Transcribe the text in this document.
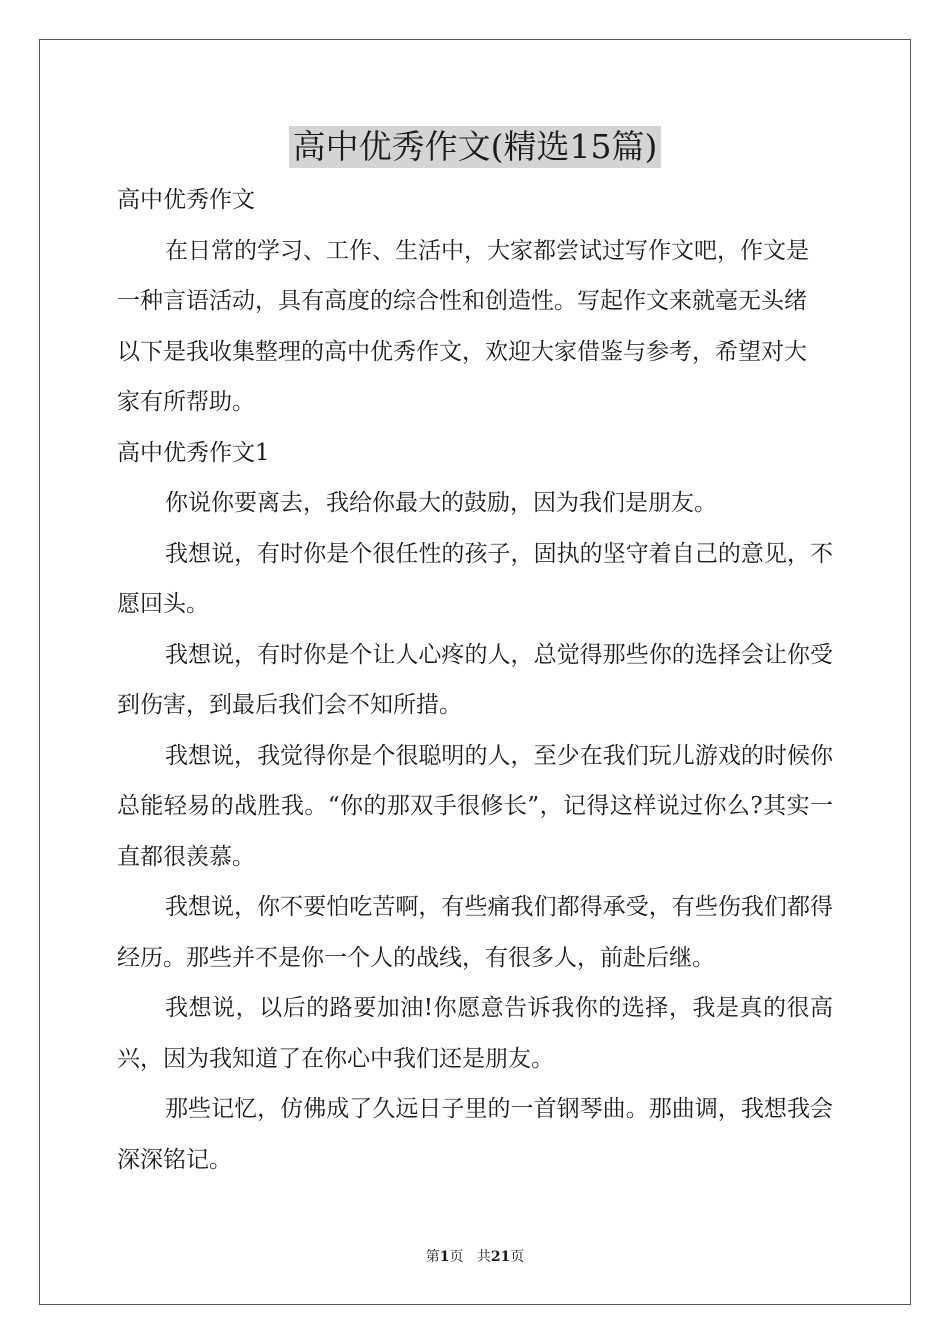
高中优秀作文(精选15篇)
高中优秀作文
在日常的学习、工作、生活中，大家都尝试过写作文吧，作文是
一种言语活动，具有高度的综合性和创造性。写起作文来就毫无头绪
以下是我收集整理的高中优秀作文，欢迎大家借鉴与参考，希望对大
家有所帮助。
高中优秀作文1

你说你要离去，我给你最大的鼓励，因为我们是朋友。

我想说，有时你是个很任性的孩子，固执的坚守着自己的意见，不愿回头。

我想说，有时你是个让人心疼的人，总觉得那些你的选择会让你受到伤害，到最后我们会不知所措。

我想说，我觉得你是个很聪明的人，至少在我们玩儿游戏的时候你总能轻易的战胜我。“你的那双手很修长”，记得这样说过你么?其实一直都很羡慕。

我想说，你不要怕吃苦啊，有些痛我们都得承受，有些伤我们都得经历。那些并不是你一个人的战线，有很多人，前赴后继。

我想说，以后的路要加油!你愿意告诉我你的选择，我是真的很高兴，因为我知道了在你心中我们还是朋友。

那些记忆，仿佛成了久远日子里的一首钢琴曲。那曲调，我想我会深深铭记。

第1页 共21页
